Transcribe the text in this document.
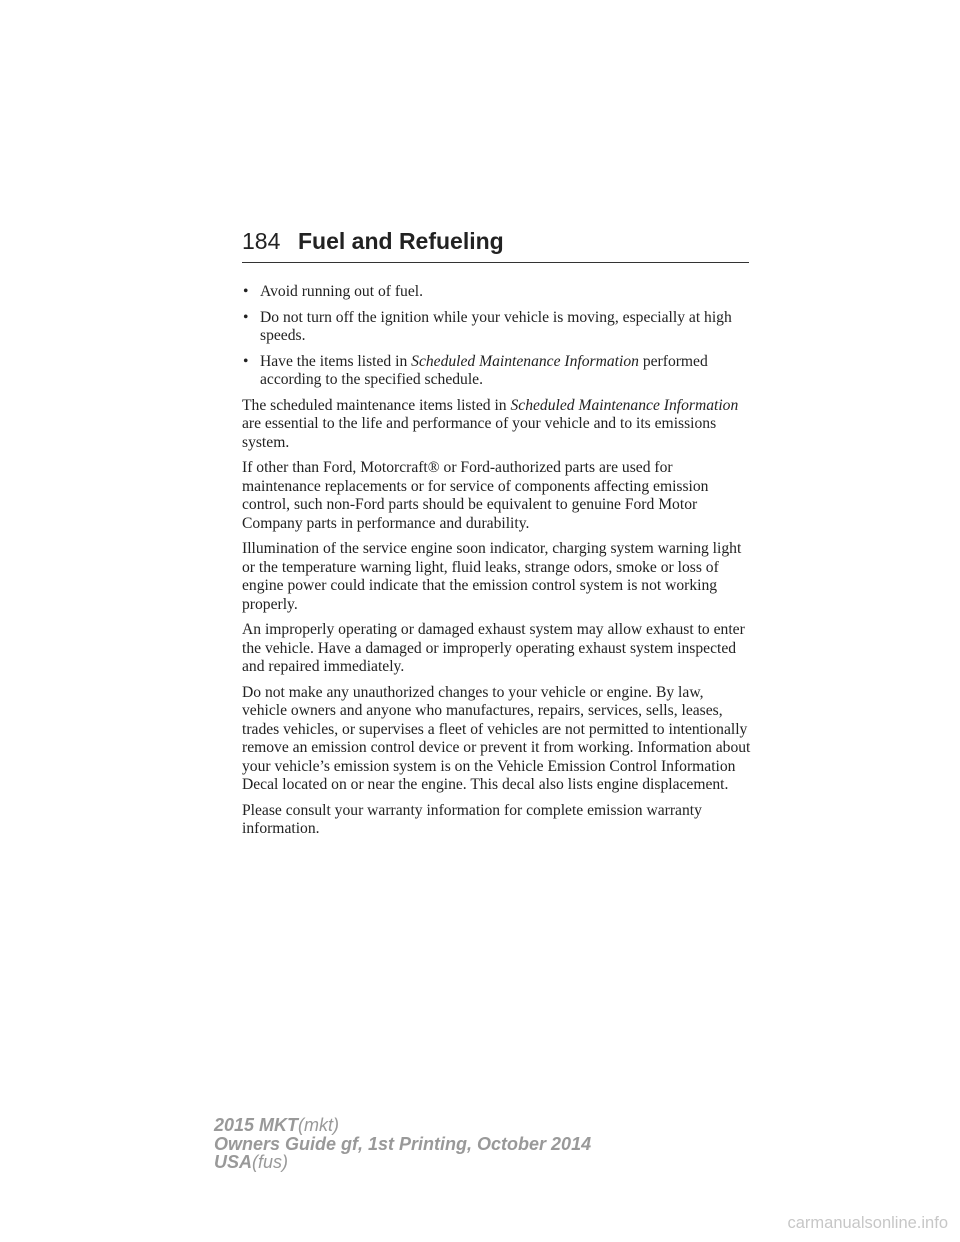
184 Fuel and Refueling
• Avoid running out of fuel.
• Do not turn off the ignition while your vehicle is moving, especially at high speeds.
• Have the items listed in Scheduled Maintenance Information performed according to the specified schedule.

The scheduled maintenance items listed in Scheduled Maintenance Information are essential to the life and performance of your vehicle and to its emissions system.

If other than Ford, Motorcraft® or Ford-authorized parts are used for maintenance replacements or for service of components affecting emission control, such non-Ford parts should be equivalent to genuine Ford Motor Company parts in performance and durability.

Illumination of the service engine soon indicator, charging system warning light or the temperature warning light, fluid leaks, strange odors, smoke or loss of engine power could indicate that the emission control system is not working properly.

An improperly operating or damaged exhaust system may allow exhaust to enter the vehicle. Have a damaged or improperly operating exhaust system inspected and repaired immediately.

Do not make any unauthorized changes to your vehicle or engine. By law, vehicle owners and anyone who manufactures, repairs, services, sells, leases, trades vehicles, or supervises a fleet of vehicles are not permitted to intentionally remove an emission control device or prevent it from working. Information about your vehicle’s emission system is on the Vehicle Emission Control Information Decal located on or near the engine. This decal also lists engine displacement.

Please consult your warranty information for complete emission warranty information.

2015 MKT(mkt)
Owners Guide gf, 1st Printing, October 2014
USA(fus)
carmanualsonline.info
